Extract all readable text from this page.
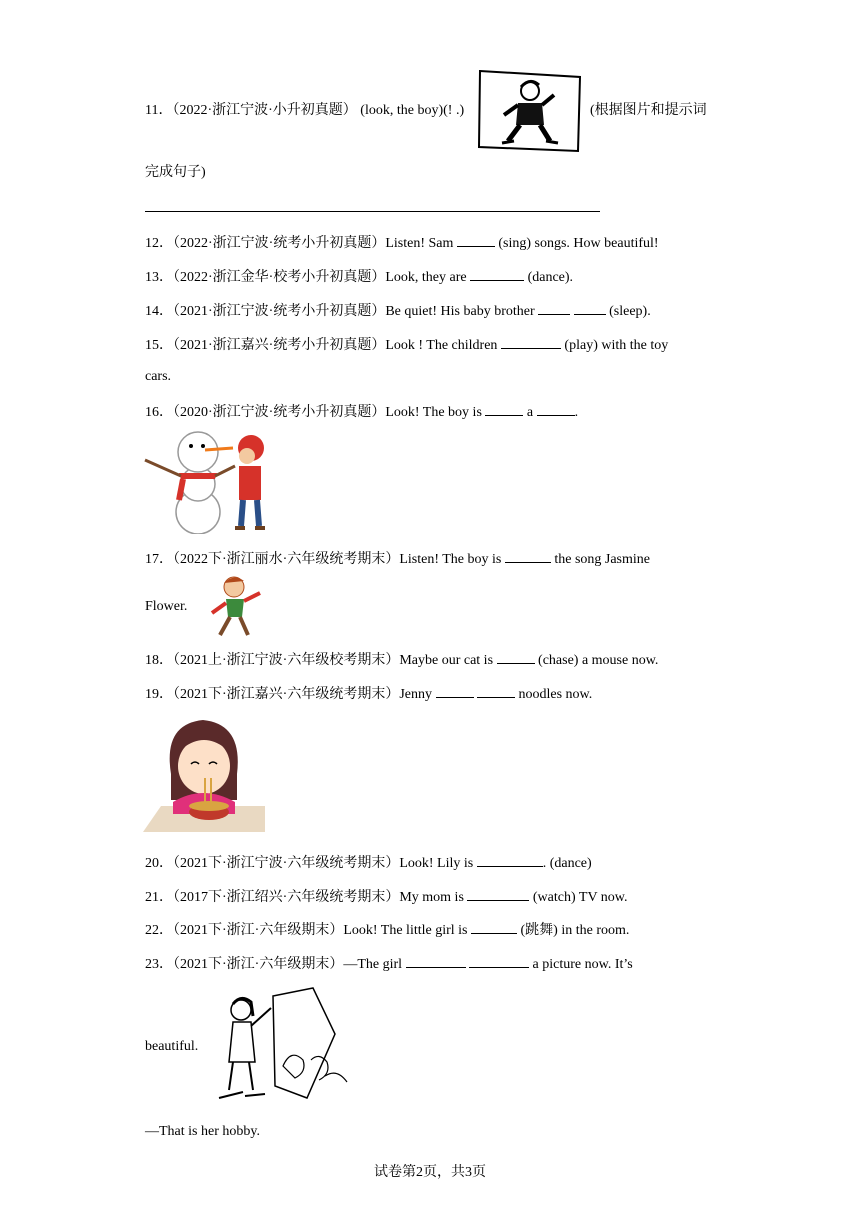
11．（2022·浙江宁波·小升初真题） (look, the boy)(! .)	(根据图片和提示词
完成句子)
12．（2022·浙江宁波·统考小升初真题）Listen! Sam	(sing) songs. How beautiful!
13．（2022·浙江金华·校考小升初真题）Look, they are	(dance).
14．（2021·浙江宁波·统考小升初真题）Be quiet! His baby brother	(sleep).
15．（2021·浙江嘉兴·统考小升初真题）Look ! The children	(play) with the toy
cars.
16．（2020·浙江宁波·统考小升初真题）Look! The boy is	a	.
17．（2022下·浙江丽水·六年级统考期末）Listen! The boy is	the song Jasmine
Flower.
18．（2021上·浙江宁波·六年级校考期末）Maybe our cat is	(chase) a mouse now.
19．（2021下·浙江嘉兴·六年级统考期末）Jenny	noodles now.
20．（2021下·浙江宁波·六年级统考期末）Look! Lily is	. (dance)
21．（2017下·浙江绍兴·六年级统考期末）My mom is	(watch) TV now.
22．（2021下·浙江·六年级期末）Look! The little girl is	(跳舞) in the room.
23．（2021下·浙江·六年级期末）—The girl	a picture now. It’s
beautiful.
—That is her hobby.
试卷第2页，共3页
